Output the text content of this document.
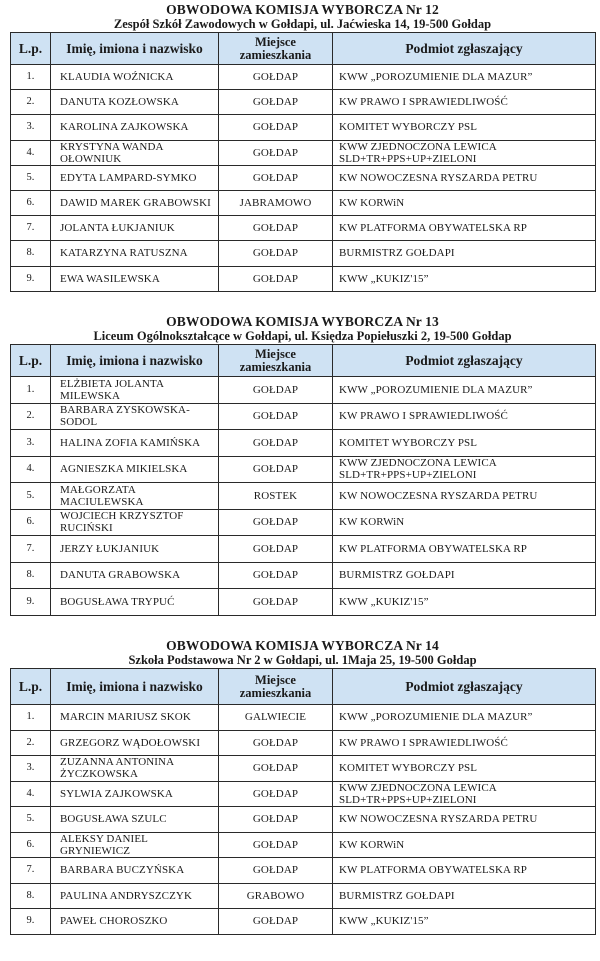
OBWODOWA KOMISJA WYBORCZA Nr 12
Zespół Szkół Zawodowych w Gołdapi, ul. Jaćwieska 14, 19-500 Gołdap
L.p.	Imię, imiona i nazwisko	Miejsce zamieszkania	Podmiot zgłaszający
1.	KLAUDIA WOŹNICKA	GOŁDAP	KWW „POROZUMIENIE DLA MAZUR”
2.	DANUTA KOZŁOWSKA	GOŁDAP	KW PRAWO I SPRAWIEDLIWOŚĆ
3.	KAROLINA ZAJKOWSKA	GOŁDAP	KOMITET WYBORCZY PSL
4.	KRYSTYNA WANDA OŁOWNIUK	GOŁDAP	KWW ZJEDNOCZONA LEWICA SLD+TR+PPS+UP+ZIELONI
5.	EDYTA LAMPARD-SYMKO	GOŁDAP	KW NOWOCZESNA RYSZARDA PETRU
6.	DAWID MAREK GRABOWSKI	JABRAMOWO	KW KORWiN
7.	JOLANTA ŁUKJANIUK	GOŁDAP	KW PLATFORMA OBYWATELSKA RP
8.	KATARZYNA RATUSZNA	GOŁDAP	BURMISTRZ GOŁDAPI
9.	EWA WASILEWSKA	GOŁDAP	KWW „KUKIZ'15”
OBWODOWA KOMISJA WYBORCZA Nr 13
Liceum Ogólnokształcące w Gołdapi, ul. Księdza Popiełuszki 2, 19-500 Gołdap
L.p.	Imię, imiona i nazwisko	Miejsce zamieszkania	Podmiot zgłaszający
1.	ELŻBIETA JOLANTA MILEWSKA	GOŁDAP	KWW „POROZUMIENIE DLA MAZUR”
2.	BARBARA ZYSKOWSKA-SODOL	GOŁDAP	KW PRAWO I SPRAWIEDLIWOŚĆ
3.	HALINA ZOFIA KAMIŃSKA	GOŁDAP	KOMITET WYBORCZY PSL
4.	AGNIESZKA MIKIELSKA	GOŁDAP	KWW ZJEDNOCZONA LEWICA SLD+TR+PPS+UP+ZIELONI
5.	MAŁGORZATA MACIULEWSKA	ROSTEK	KW NOWOCZESNA RYSZARDA PETRU
6.	WOJCIECH KRZYSZTOF RUCIŃSKI	GOŁDAP	KW KORWiN
7.	JERZY ŁUKJANIUK	GOŁDAP	KW PLATFORMA OBYWATELSKA RP
8.	DANUTA GRABOWSKA	GOŁDAP	BURMISTRZ GOŁDAPI
9.	BOGUSŁAWA TRYPUĆ	GOŁDAP	KWW „KUKIZ'15”
OBWODOWA KOMISJA WYBORCZA Nr 14
Szkoła Podstawowa Nr 2 w Gołdapi, ul. 1Maja 25, 19-500 Gołdap
L.p.	Imię, imiona i nazwisko	Miejsce zamieszkania	Podmiot zgłaszający
1.	MARCIN MARIUSZ SKOK	GALWIECIE	KWW „POROZUMIENIE DLA MAZUR”
2.	GRZEGORZ WĄDOŁOWSKI	GOŁDAP	KW PRAWO I SPRAWIEDLIWOŚĆ
3.	ZUZANNA ANTONINA ŻYCZKOWSKA	GOŁDAP	KOMITET WYBORCZY PSL
4.	SYLWIA ZAJKOWSKA	GOŁDAP	KWW ZJEDNOCZONA LEWICA SLD+TR+PPS+UP+ZIELONI
5.	BOGUSŁAWA SZULC	GOŁDAP	KW NOWOCZESNA RYSZARDA PETRU
6.	ALEKSY DANIEL GRYNIEWICZ	GOŁDAP	KW KORWiN
7.	BARBARA BUCZYŃSKA	GOŁDAP	KW PLATFORMA OBYWATELSKA RP
8.	PAULINA ANDRYSZCZYK	GRABOWO	BURMISTRZ GOŁDAPI
9.	PAWEŁ CHOROSZKO	GOŁDAP	KWW „KUKIZ'15”
